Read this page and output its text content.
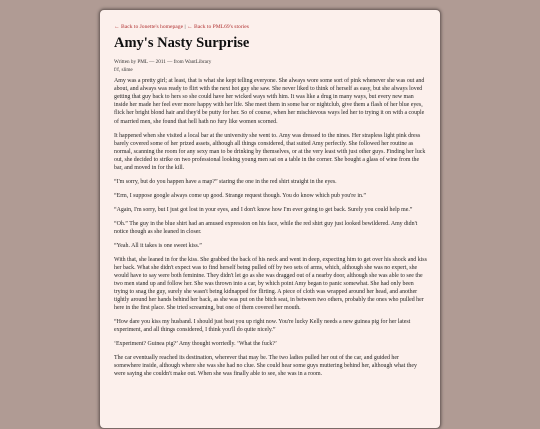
← Back to Jonette's homepage | ← Back to PML69's stories
Amy's Nasty Surprise
Written by PML — 2011 — from WantLibrary
f/f, slime

Amy was a pretty girl; at least, that is what she kept telling everyone. She always wore some sort of pink whenever she was out and about, and always was ready to flirt with the next hot guy she saw. She never liked to think of herself as easy, but she always loved getting that guy back to hers so she could have her wicked ways with him. It was like a drug in many ways, but every new man inside her made her feel ever more happy with her life. She meet them in some bar or nightclub, give them a flash of her blue eyes, flick her bright blond hair and they'd be putty for her. So of course, when her mischievous ways led her to trying it on with a couple of married men, she found that hell hath no fury like women scorned.

It happened when she visited a local bar at the university she went to. Amy was dressed to the nines. Her strapless light pink dress barely covered some of her prized assets, although all things considered, that suited Amy perfectly. She followed her routine as normal, scanning the room for any sexy man to be drinking by themselves, or at the very least with just other guys. Finding her luck out, she decided to strike on two professional looking young men sat on a table in the corner. She bought a glass of wine from the bar, and moved in for the kill.

“I'm sorry, but do you happen have a map?” staring the one in the red shirt straight in the eyes.

“Erm, I suppose google always come up good. Strange request though. You do know which pub you're in.”

“Again, I'm sorry, but I just got lost in your eyes, and I don't know how I'm ever going to get back. Surely you could help me.”

“Oh.” The guy in the blue shirt had an amused expression on his face, while the red shirt guy just looked bewildered. Amy didn't notice though as she leaned in closer.

“Yeah. All it takes is one sweet kiss.”

With that, she leaned in for the kiss. She grabbed the back of his neck and went in deep, expecting him to get over his shock and kiss her back. What she didn't expect was to find herself being pulled off by two sets of arms, which, although she was no expert, she would have to say were both feminine. They didn't let go as she was dragged out of a nearby door, although she was able to see the two men stand up and follow her. She was thrown into a car, by which point Amy began to panic somewhat. She had only been trying to snag the guy, surely she wasn't being kidnapped for flirting. A piece of cloth was wrapped around her head, and another tightly around her hands behind her back, as she was put on the bitch seat, in between two others, probably the ones who pulled her here in the first place. She tried screaming, but one of them covered her mouth.

“How dare you kiss my husband. I should just beat you up right now. You're lucky Kelly needs a new guinea pig for her latest experiment, and all things considered, I think you'll do quite nicely.”

‘Experiment? Guinea pig?’ Amy thought worriedly. ‘What the fuck?’

The car eventually reached its destination, wherever that may be. The two ladies pulled her out of the car, and guided her somewhere inside, although where she was she had no clue. She could hear some guys muttering behind her, although what they were saying she couldn't make out. When she was finally able to see, she was in a room.
